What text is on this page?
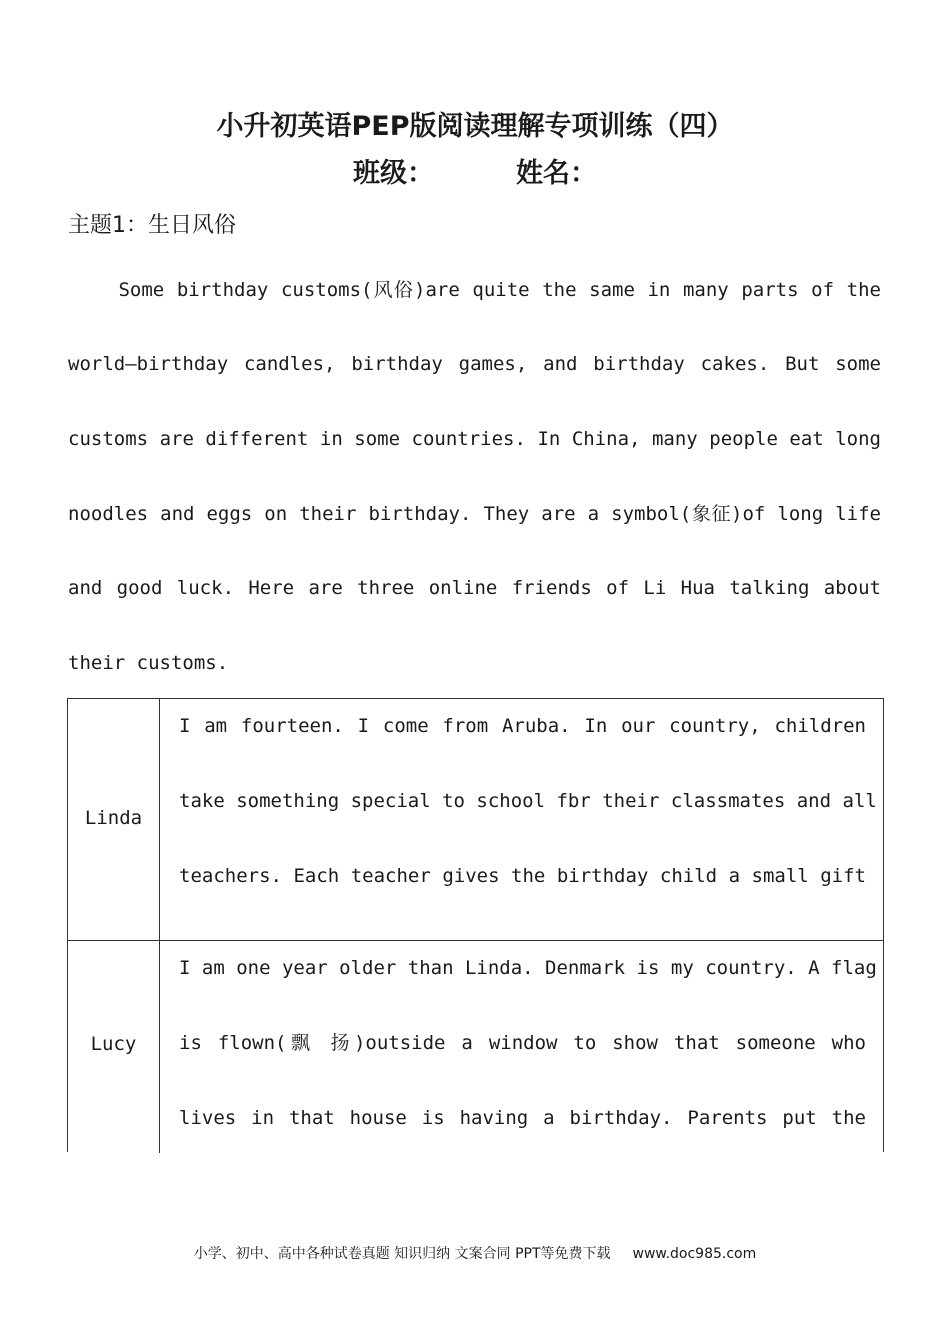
小升初英语PEP版阅读理解专项训练（四）
班级：	姓名：
主题1：生日风俗
Some birthday customs(风俗)are quite the same in many parts of the
world—birthday candles, birthday games, and birthday cakes. But some
customs are different in some countries. In China, many people eat long
noodles and eggs on their birthday. They are a symbol(象征)of long life
and good luck. Here are three online friends of Li Hua talking about
their customs.
Linda
I am fourteen. I come from Aruba. In our country, children
take something special to school fbr their classmates and all
teachers. Each teacher gives the birthday child a small gift
Lucy
I am one year older than Linda. Denmark is my country. A flag
is flown(飘 扬)outside a window to show that someone who
lives in that house is having a birthday. Parents put the
小学、初中、高中各种试卷真题 知识归纳 文案合同 PPT等免费下载 www.doc985.com
